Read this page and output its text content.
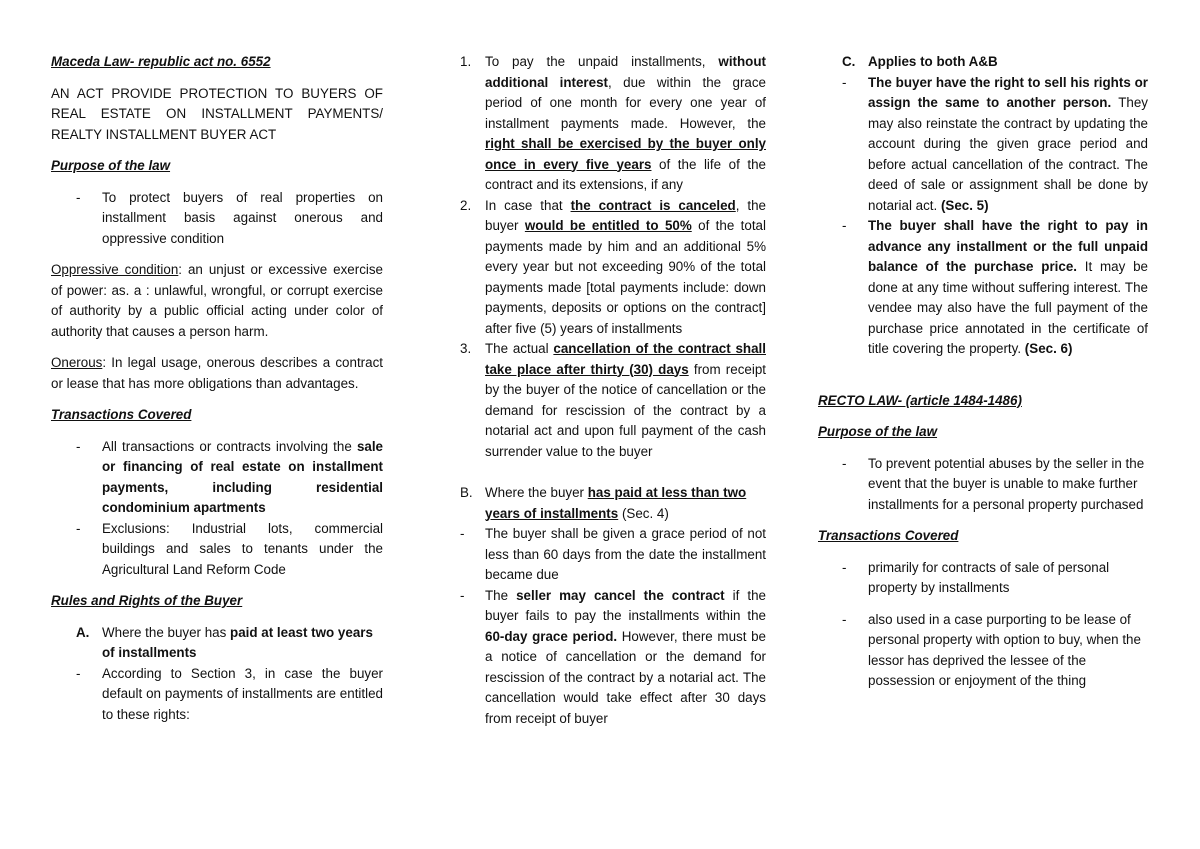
Maceda Law- republic act no. 6552

AN ACT PROVIDE PROTECTION TO BUYERS OF REAL ESTATE ON INSTALLMENT PAYMENTS/ REALTY INSTALLMENT BUYER ACT

Purpose of the law

-	To protect buyers of real properties on installment basis against onerous and oppressive condition

Oppressive condition: an unjust or excessive exercise of power: as. a : unlawful, wrongful, or corrupt exercise of authority by a public official acting under color of authority that causes a person harm.

Onerous: In legal usage, onerous describes a contract or lease that has more obligations than advantages.

Transactions Covered

-	All transactions or contracts involving the sale or financing of real estate on installment payments, including residential condominium apartments
-	Exclusions: Industrial lots, commercial buildings and sales to tenants under the Agricultural Land Reform Code

Rules and Rights of the Buyer

A. Where the buyer has paid at least two years of installments
-	According to Section 3, in case the buyer default on payments of installments are entitled to these rights:
1.	To pay the unpaid installments, without additional interest, due within the grace period of one month for every one year of installment payments made. However, the right shall be exercised by the buyer only once in every five years of the life of the contract and its extensions, if any
2.	In case that the contract is canceled, the buyer would be entitled to 50% of the total payments made by him and an additional 5% every year but not exceeding 90% of the total payments made [total payments include: down payments, deposits or options on the contract] after five (5) years of installments
3.	The actual cancellation of the contract shall take place after thirty (30) days from receipt by the buyer of the notice of cancellation or the demand for rescission of the contract by a notarial act and upon full payment of the cash surrender value to the buyer
B. Where the buyer has paid at less than two years of installments (Sec. 4)
-	The buyer shall be given a grace period of not less than 60 days from the date the installment became due
-	The seller may cancel the contract if the buyer fails to pay the installments within the 60-day grace period. However, there must be a notice of cancellation or the demand for rescission of the contract by a notarial act. The cancellation would take effect after 30 days from receipt of buyer
C. Applies to both A&B
-	The buyer have the right to sell his rights or assign the same to another person. They may also reinstate the contract by updating the account during the given grace period and before actual cancellation of the contract. The deed of sale or assignment shall be done by notarial act. (Sec. 5)
-	The buyer shall have the right to pay in advance any installment or the full unpaid balance of the purchase price. It may be done at any time without suffering interest. The vendee may also have the full payment of the purchase price annotated in the certificate of title covering the property. (Sec. 6)

RECTO LAW- (article 1484-1486)

Purpose of the law

-	To prevent potential abuses by the seller in the event that the buyer is unable to make further installments for a personal property purchased

Transactions Covered

-	primarily for contracts of sale of personal property by installments
-	also used in a case purporting to be lease of personal property with option to buy, when the lessor has deprived the lessee of the possession or enjoyment of the thing
